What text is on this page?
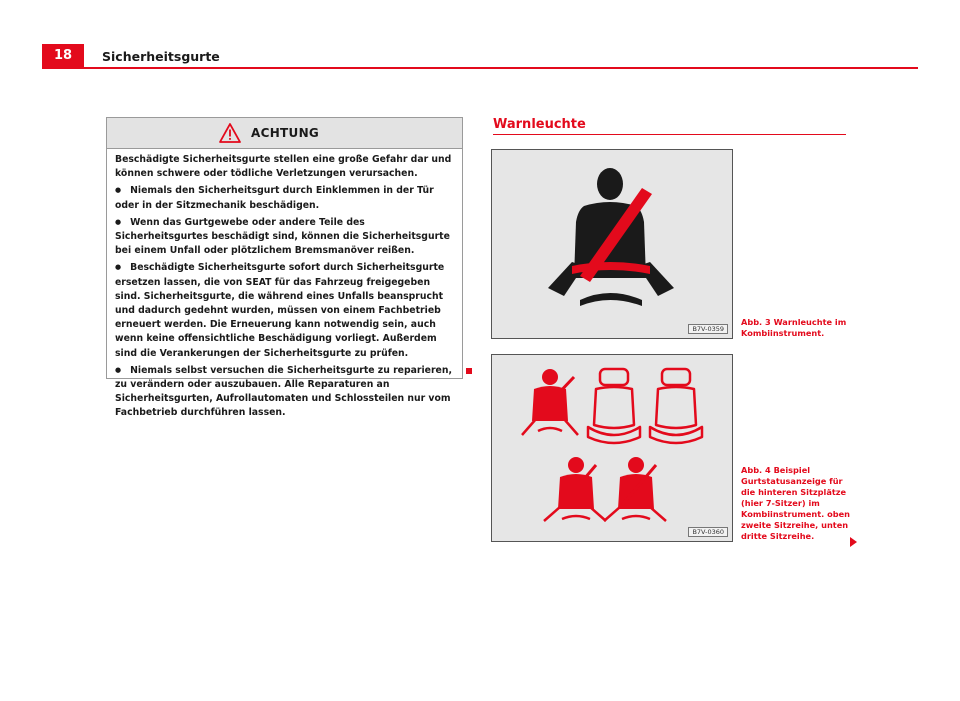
18	Sicherheitsgurte
ACHTUNG

Beschädigte Sicherheitsgurte stellen eine große Gefahr dar und können schwere oder tödliche Verletzungen verursachen.

● Niemals den Sicherheitsgurt durch Einklemmen in der Tür oder in der Sitzmechanik beschädigen.

● Wenn das Gurtgewebe oder andere Teile des Sicherheitsgurtes beschädigt sind, können die Sicherheitsgurte bei einem Unfall oder plötzlichem Bremsmanöver reißen.

● Beschädigte Sicherheitsgurte sofort durch Sicherheitsgurte ersetzen lassen, die von SEAT für das Fahrzeug freigegeben sind. Sicherheitsgurte, die während eines Unfalls beansprucht und dadurch gedehnt wurden, müssen von einem Fachbetrieb erneuert werden. Die Erneuerung kann notwendig sein, auch wenn keine offensichtliche Beschädigung vorliegt. Außerdem sind die Verankerungen der Sicherheitsgurte zu prüfen.

● Niemals selbst versuchen die Sicherheitsgurte zu reparieren, zu verändern oder auszubauen. Alle Reparaturen an Sicherheitsgurten, Aufrollautomaten und Schlossteilen nur vom Fachbetrieb durchführen lassen.

Warnleuchte
B7V-0359
Abb. 3 Warnleuchte im Kombiinstrument.
B7V-0360
Abb. 4 Beispiel Gurtstatusanzeige für die hinteren Sitzplätze (hier 7-Sitzer) im Kombiinstrument. oben zweite Sitzreihe, unten dritte Sitzreihe.
